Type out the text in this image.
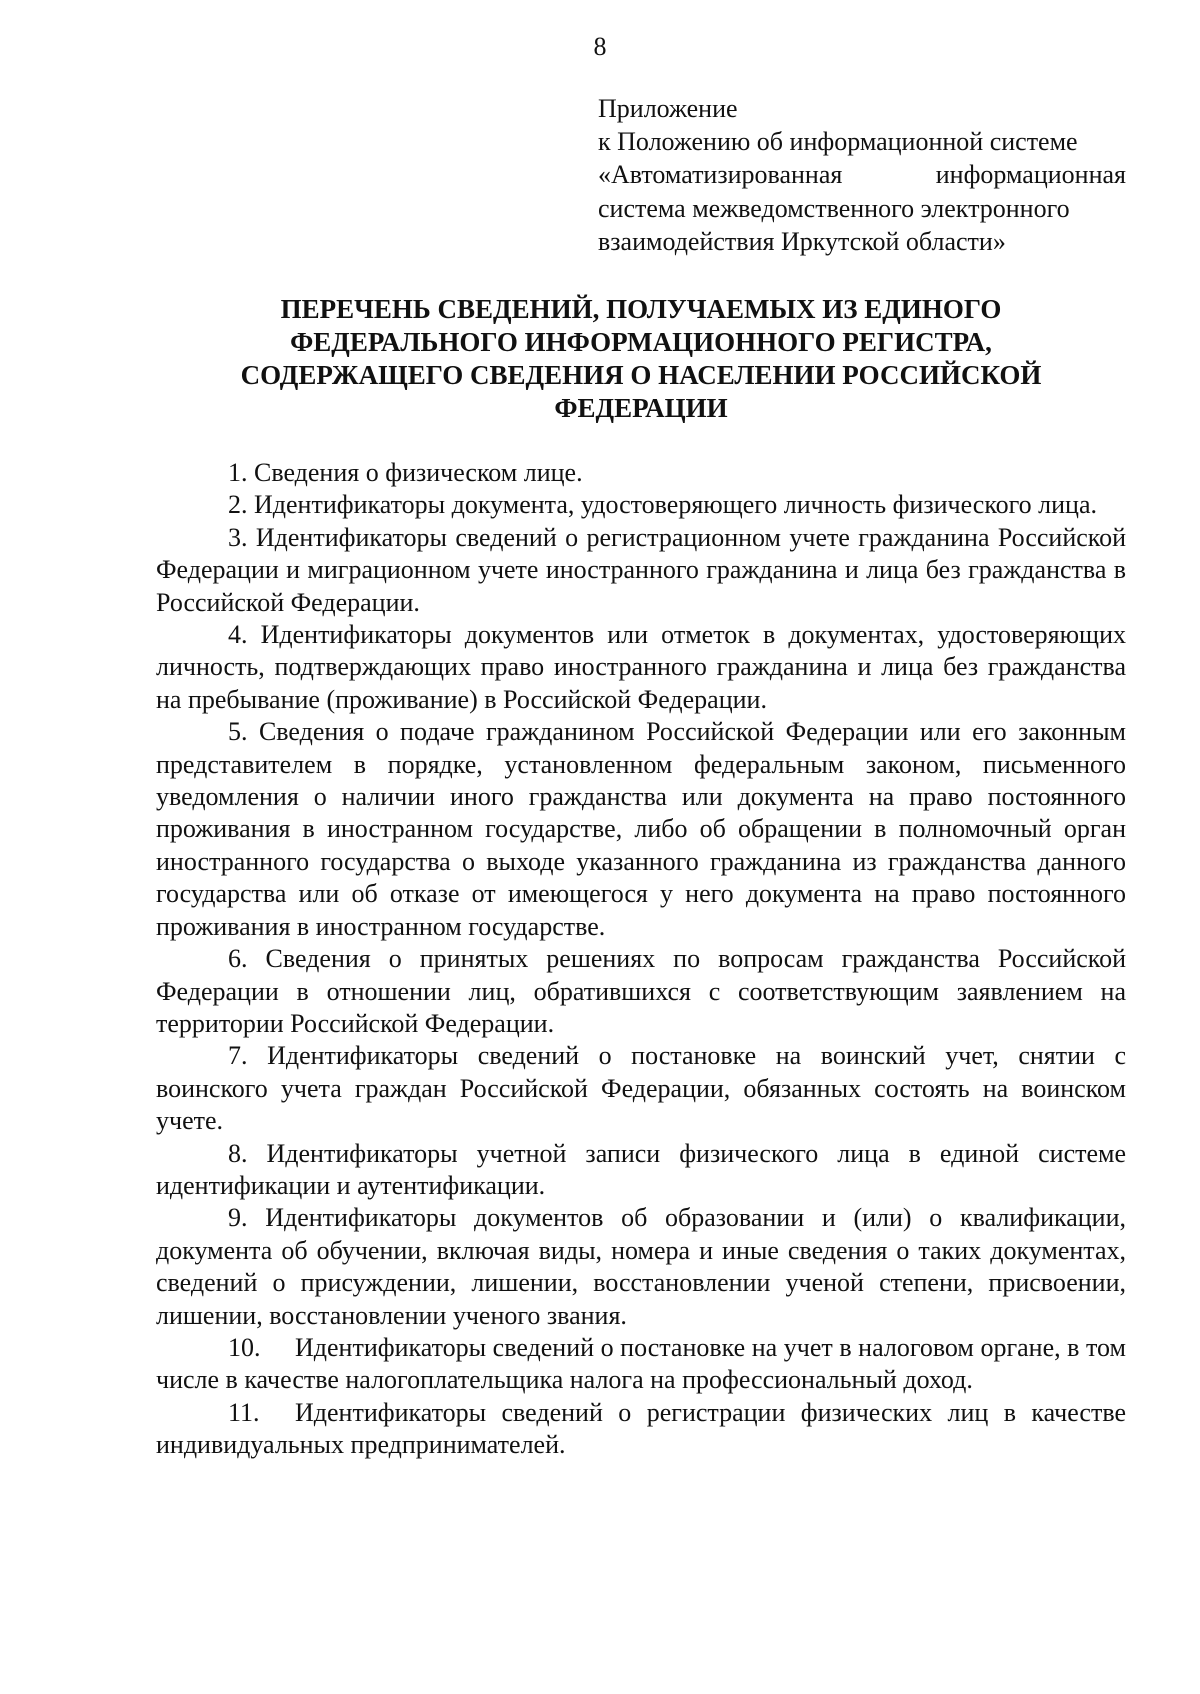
8
Приложение
к Положению об информационной системе
«Автоматизированная информационная
система межведомственного электронного
взаимодействия Иркутской области»
ПЕРЕЧЕНЬ СВЕДЕНИЙ, ПОЛУЧАЕМЫХ ИЗ ЕДИНОГО
ФЕДЕРАЛЬНОГО ИНФОРМАЦИОННОГО РЕГИСТРА,
СОДЕРЖАЩЕГО СВЕДЕНИЯ О НАСЕЛЕНИИ РОССИЙСКОЙ
ФЕДЕРАЦИИ

1. Сведения о физическом лице.

2. Идентификаторы документа, удостоверяющего личность физического лица.

3. Идентификаторы сведений о регистрационном учете гражданина Российской Федерации и миграционном учете иностранного гражданина и лица без гражданства в Российской Федерации.

4. Идентификаторы документов или отметок в документах, удостоверяющих личность, подтверждающих право иностранного гражданина и лица без гражданства на пребывание (проживание) в Российской Федерации.

5. Сведения о подаче гражданином Российской Федерации или его законным представителем в порядке, установленном федеральным законом, письменного уведомления о наличии иного гражданства или документа на право постоянного проживания в иностранном государстве, либо об обращении в полномочный орган иностранного государства о выходе указанного гражданина из гражданства данного государства или об отказе от имеющегося у него документа на право постоянного проживания в иностранном государстве.

6. Сведения о принятых решениях по вопросам гражданства Российской Федерации в отношении лиц, обратившихся с соответствующим заявлением на территории Российской Федерации.

7. Идентификаторы сведений о постановке на воинский учет, снятии с воинского учета граждан Российской Федерации, обязанных состоять на воинском учете.

8. Идентификаторы учетной записи физического лица в единой системе идентификации и аутентификации.

9. Идентификаторы документов об образовании и (или) о квалификации, документа об обучении, включая виды, номера и иные сведения о таких документах, сведений о присуждении, лишении, восстановлении ученой степени, присвоении, лишении, восстановлении ученого звания.

10. Идентификаторы сведений о постановке на учет в налоговом органе, в том числе в качестве налогоплательщика налога на профессиональный доход.

11. Идентификаторы сведений о регистрации физических лиц в качестве индивидуальных предпринимателей.
